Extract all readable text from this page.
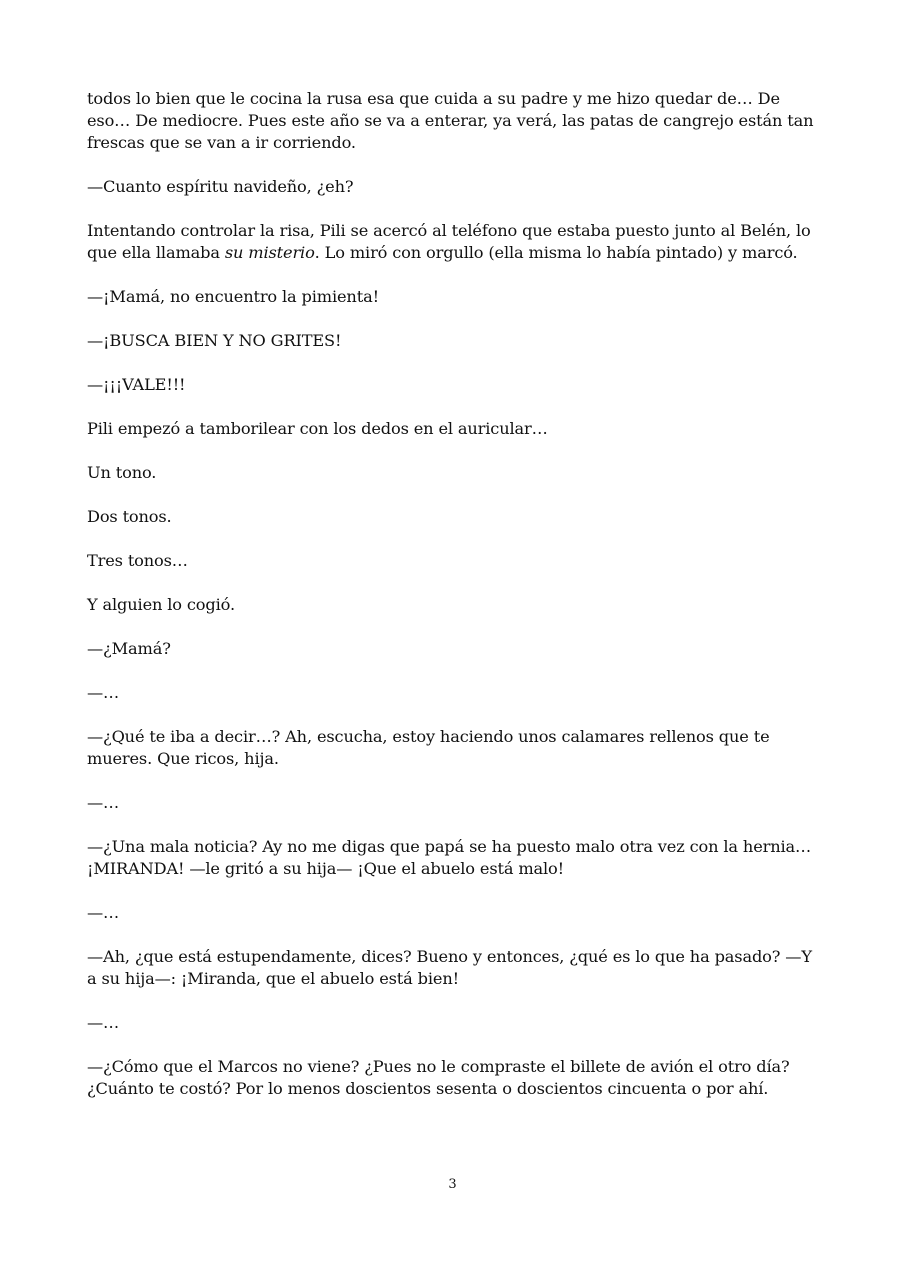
todos lo bien que le cocina la rusa esa que cuida a su padre y me hizo quedar de… De eso… De mediocre. Pues este año se va a enterar, ya verá, las patas de cangrejo están tan frescas que se van a ir corriendo.

—Cuanto espíritu navideño, ¿eh?

Intentando controlar la risa, Pili se acercó al teléfono que estaba puesto junto al Belén, lo que ella llamaba su misterio. Lo miró con orgullo (ella misma lo había pintado) y marcó.

—¡Mamá, no encuentro la pimienta!

—¡BUSCA BIEN Y NO GRITES!

—¡¡¡VALE!!!

Pili empezó a tamborilear con los dedos en el auricular…

Un tono.

Dos tonos.

Tres tonos…

Y alguien lo cogió.

—¿Mamá?

—…

—¿Qué te iba a decir…? Ah, escucha, estoy haciendo unos calamares rellenos que te mueres. Que ricos, hija.

—…

—¿Una mala noticia? Ay no me digas que papá se ha puesto malo otra vez con la hernia… ¡MIRANDA! —le gritó a su hija— ¡Que el abuelo está malo!

—…

—Ah, ¿que está estupendamente, dices? Bueno y entonces, ¿qué es lo que ha pasado? —Y a su hija—: ¡Miranda, que el abuelo está bien!

—…

—¿Cómo que el Marcos no viene? ¿Pues no le compraste el billete de avión el otro día? ¿Cuánto te costó? Por lo menos doscientos sesenta o doscientos cincuenta o por ahí.

3
